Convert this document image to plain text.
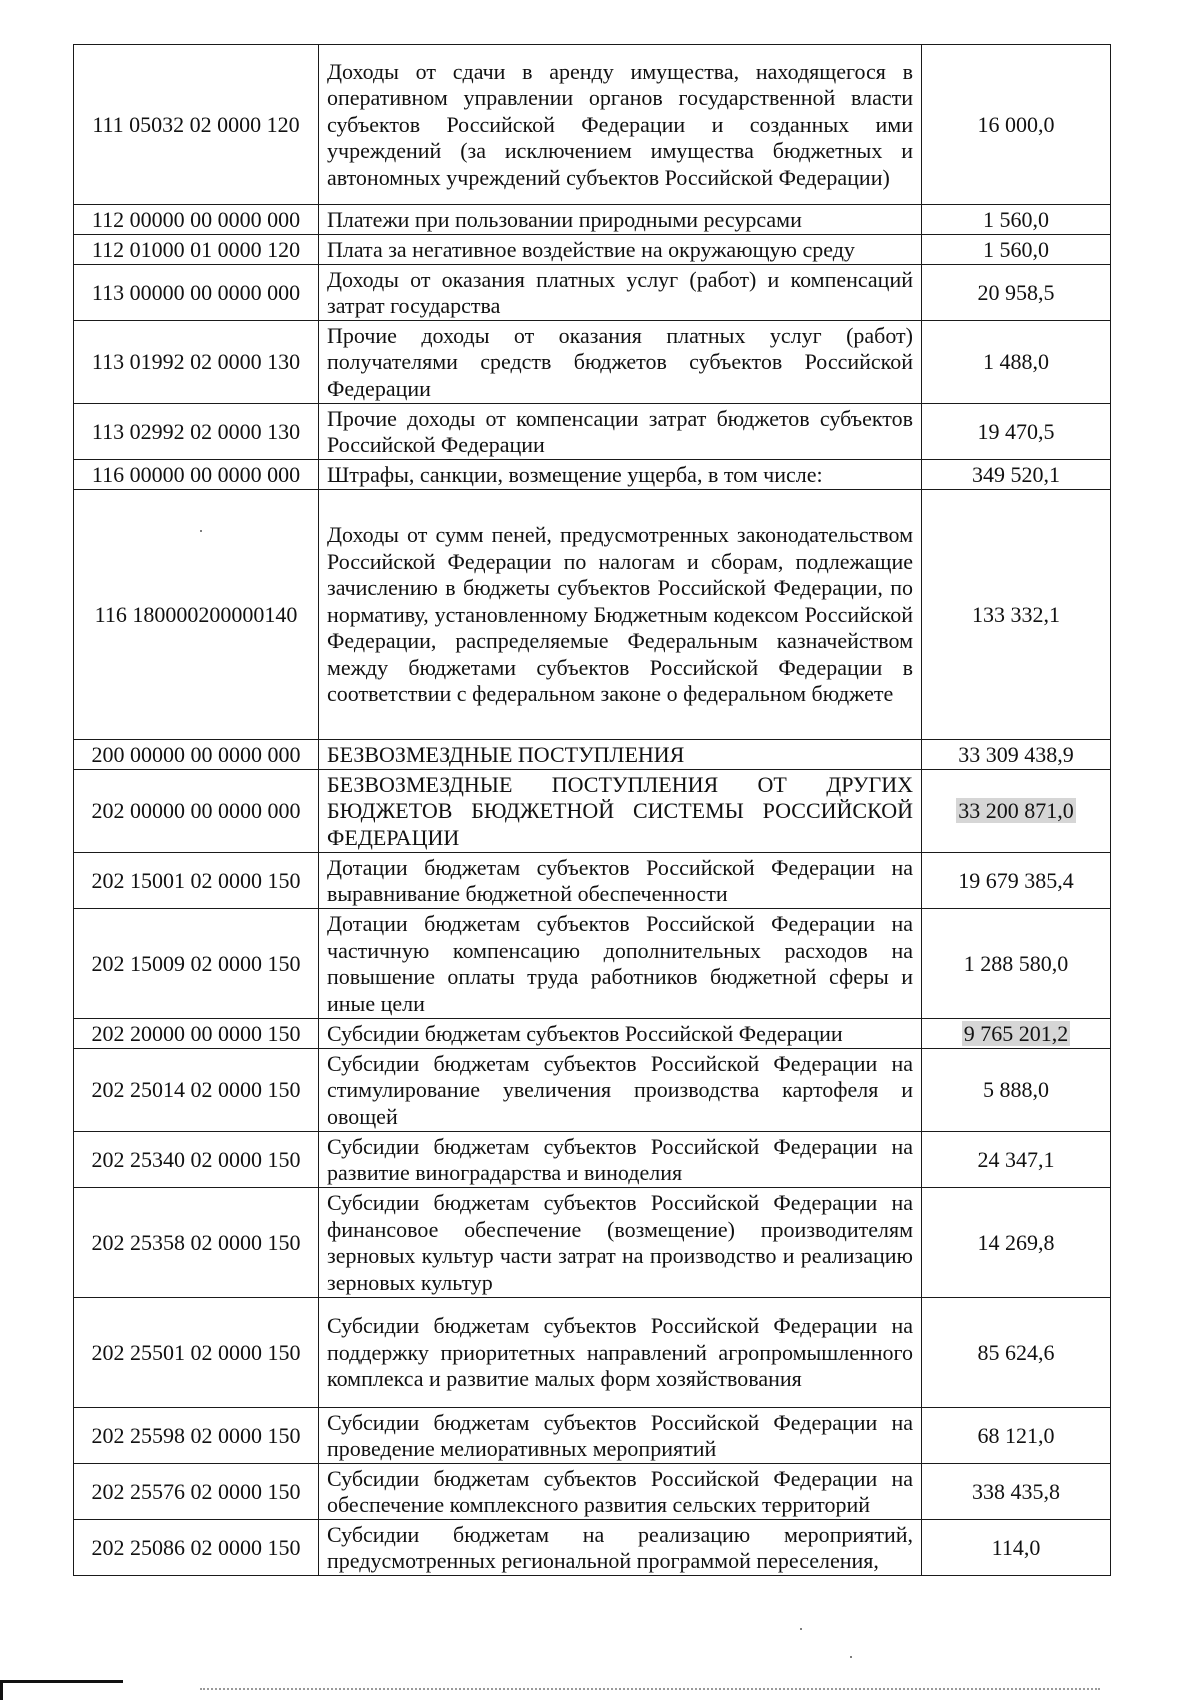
111 05032 02 0000 120	Доходы от сдачи в аренду имущества, находящегося в оперативном управлении органов государственной власти субъектов Российской Федерации и созданных ими учреждений (за исключением имущества бюджетных и автономных учреждений субъектов Российской Федерации)	16 000,0
112 00000 00 0000 000	Платежи при пользовании природными ресурсами	1 560,0
112 01000 01 0000 120	Плата за негативное воздействие на окружающую среду	1 560,0
113 00000 00 0000 000	Доходы от оказания платных услуг (работ) и компенсаций затрат государства	20 958,5
113 01992 02 0000 130	Прочие доходы от оказания платных услуг (работ) получателями средств бюджетов субъектов Российской Федерации	1 488,0
113 02992 02 0000 130	Прочие доходы от компенсации затрат бюджетов субъектов Российской Федерации	19 470,5
116 00000 00 0000 000	Штрафы, санкции, возмещение ущерба, в том числе:	349 520,1
116 180000200000140	Доходы от сумм пеней, предусмотренных законодательством Российской Федерации по налогам и сборам, подлежащие зачислению в бюджеты субъектов Российской Федерации, по нормативу, установленному Бюджетным кодексом Российской Федерации, распределяемые Федеральным казначейством между бюджетами субъектов Российской Федерации в соответствии с федеральном законе о федеральном бюджете	133 332,1
200 00000 00 0000 000	БЕЗВОЗМЕЗДНЫЕ ПОСТУПЛЕНИЯ	33 309 438,9
202 00000 00 0000 000	БЕЗВОЗМЕЗДНЫЕ ПОСТУПЛЕНИЯ ОТ ДРУГИХ БЮДЖЕТОВ БЮДЖЕТНОЙ СИСТЕМЫ РОССИЙСКОЙ ФЕДЕРАЦИИ	33 200 871,0
202 15001 02 0000 150	Дотации бюджетам субъектов Российской Федерации на выравнивание бюджетной обеспеченности	19 679 385,4
202 15009 02 0000 150	Дотации бюджетам субъектов Российской Федерации на частичную компенсацию дополнительных расходов на повышение оплаты труда работников бюджетной сферы и иные цели	1 288 580,0
202 20000 00 0000 150	Субсидии бюджетам субъектов Российской Федерации	9 765 201,2
202 25014 02 0000 150	Субсидии бюджетам субъектов Российской Федерации на стимулирование увеличения производства картофеля и овощей	5 888,0
202 25340 02 0000 150	Субсидии бюджетам субъектов Российской Федерации на развитие виноградарства и виноделия	24 347,1
202 25358 02 0000 150	Субсидии бюджетам субъектов Российской Федерации на финансовое обеспечение (возмещение) производителям зерновых культур части затрат на производство и реализацию зерновых культур	14 269,8
202 25501 02 0000 150	Субсидии бюджетам субъектов Российской Федерации на поддержку приоритетных направлений агропромышленного комплекса и развитие малых форм хозяйствования	85 624,6
202 25598 02 0000 150	Субсидии бюджетам субъектов Российской Федерации на проведение мелиоративных мероприятий	68 121,0
202 25576 02 0000 150	Субсидии бюджетам субъектов Российской Федерации на обеспечение комплексного развития сельских территорий	338 435,8
202 25086 02 0000 150	Субсидии бюджетам на реализацию мероприятий, предусмотренных региональной программой переселения,	114,0
